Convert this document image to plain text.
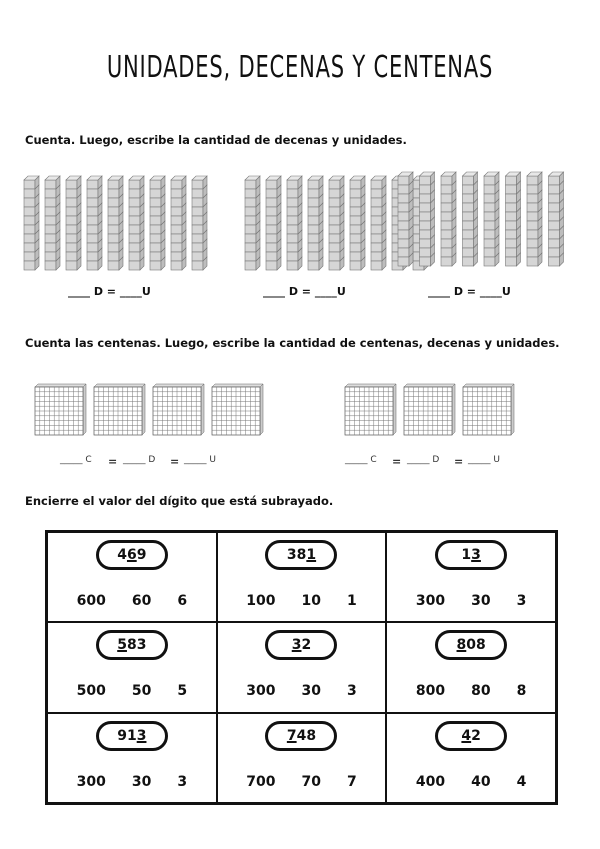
UNIDADES, DECENAS Y CENTENAS
Cuenta. Luego, escribe la cantidad de decenas y unidades.
____ D = ____U	____ D = ____U	____ D = ____U
Cuenta las centenas. Luego, escribe la cantidad de centenas, decenas y unidades.
_____ C = _____ D = _____ U	_____ C = _____ D = _____ U
Encierre el valor del dígito que está subrayado.
4 6 9
600 60 6
3 8 1
100 10 1
1 3
300 30 3
5 8 3
500 50 5
3 2
300 30 3
8 0 8
800 80 8
9 1 3
300 30 3
7 4 8
700 70 7
4 2
400 40 4
